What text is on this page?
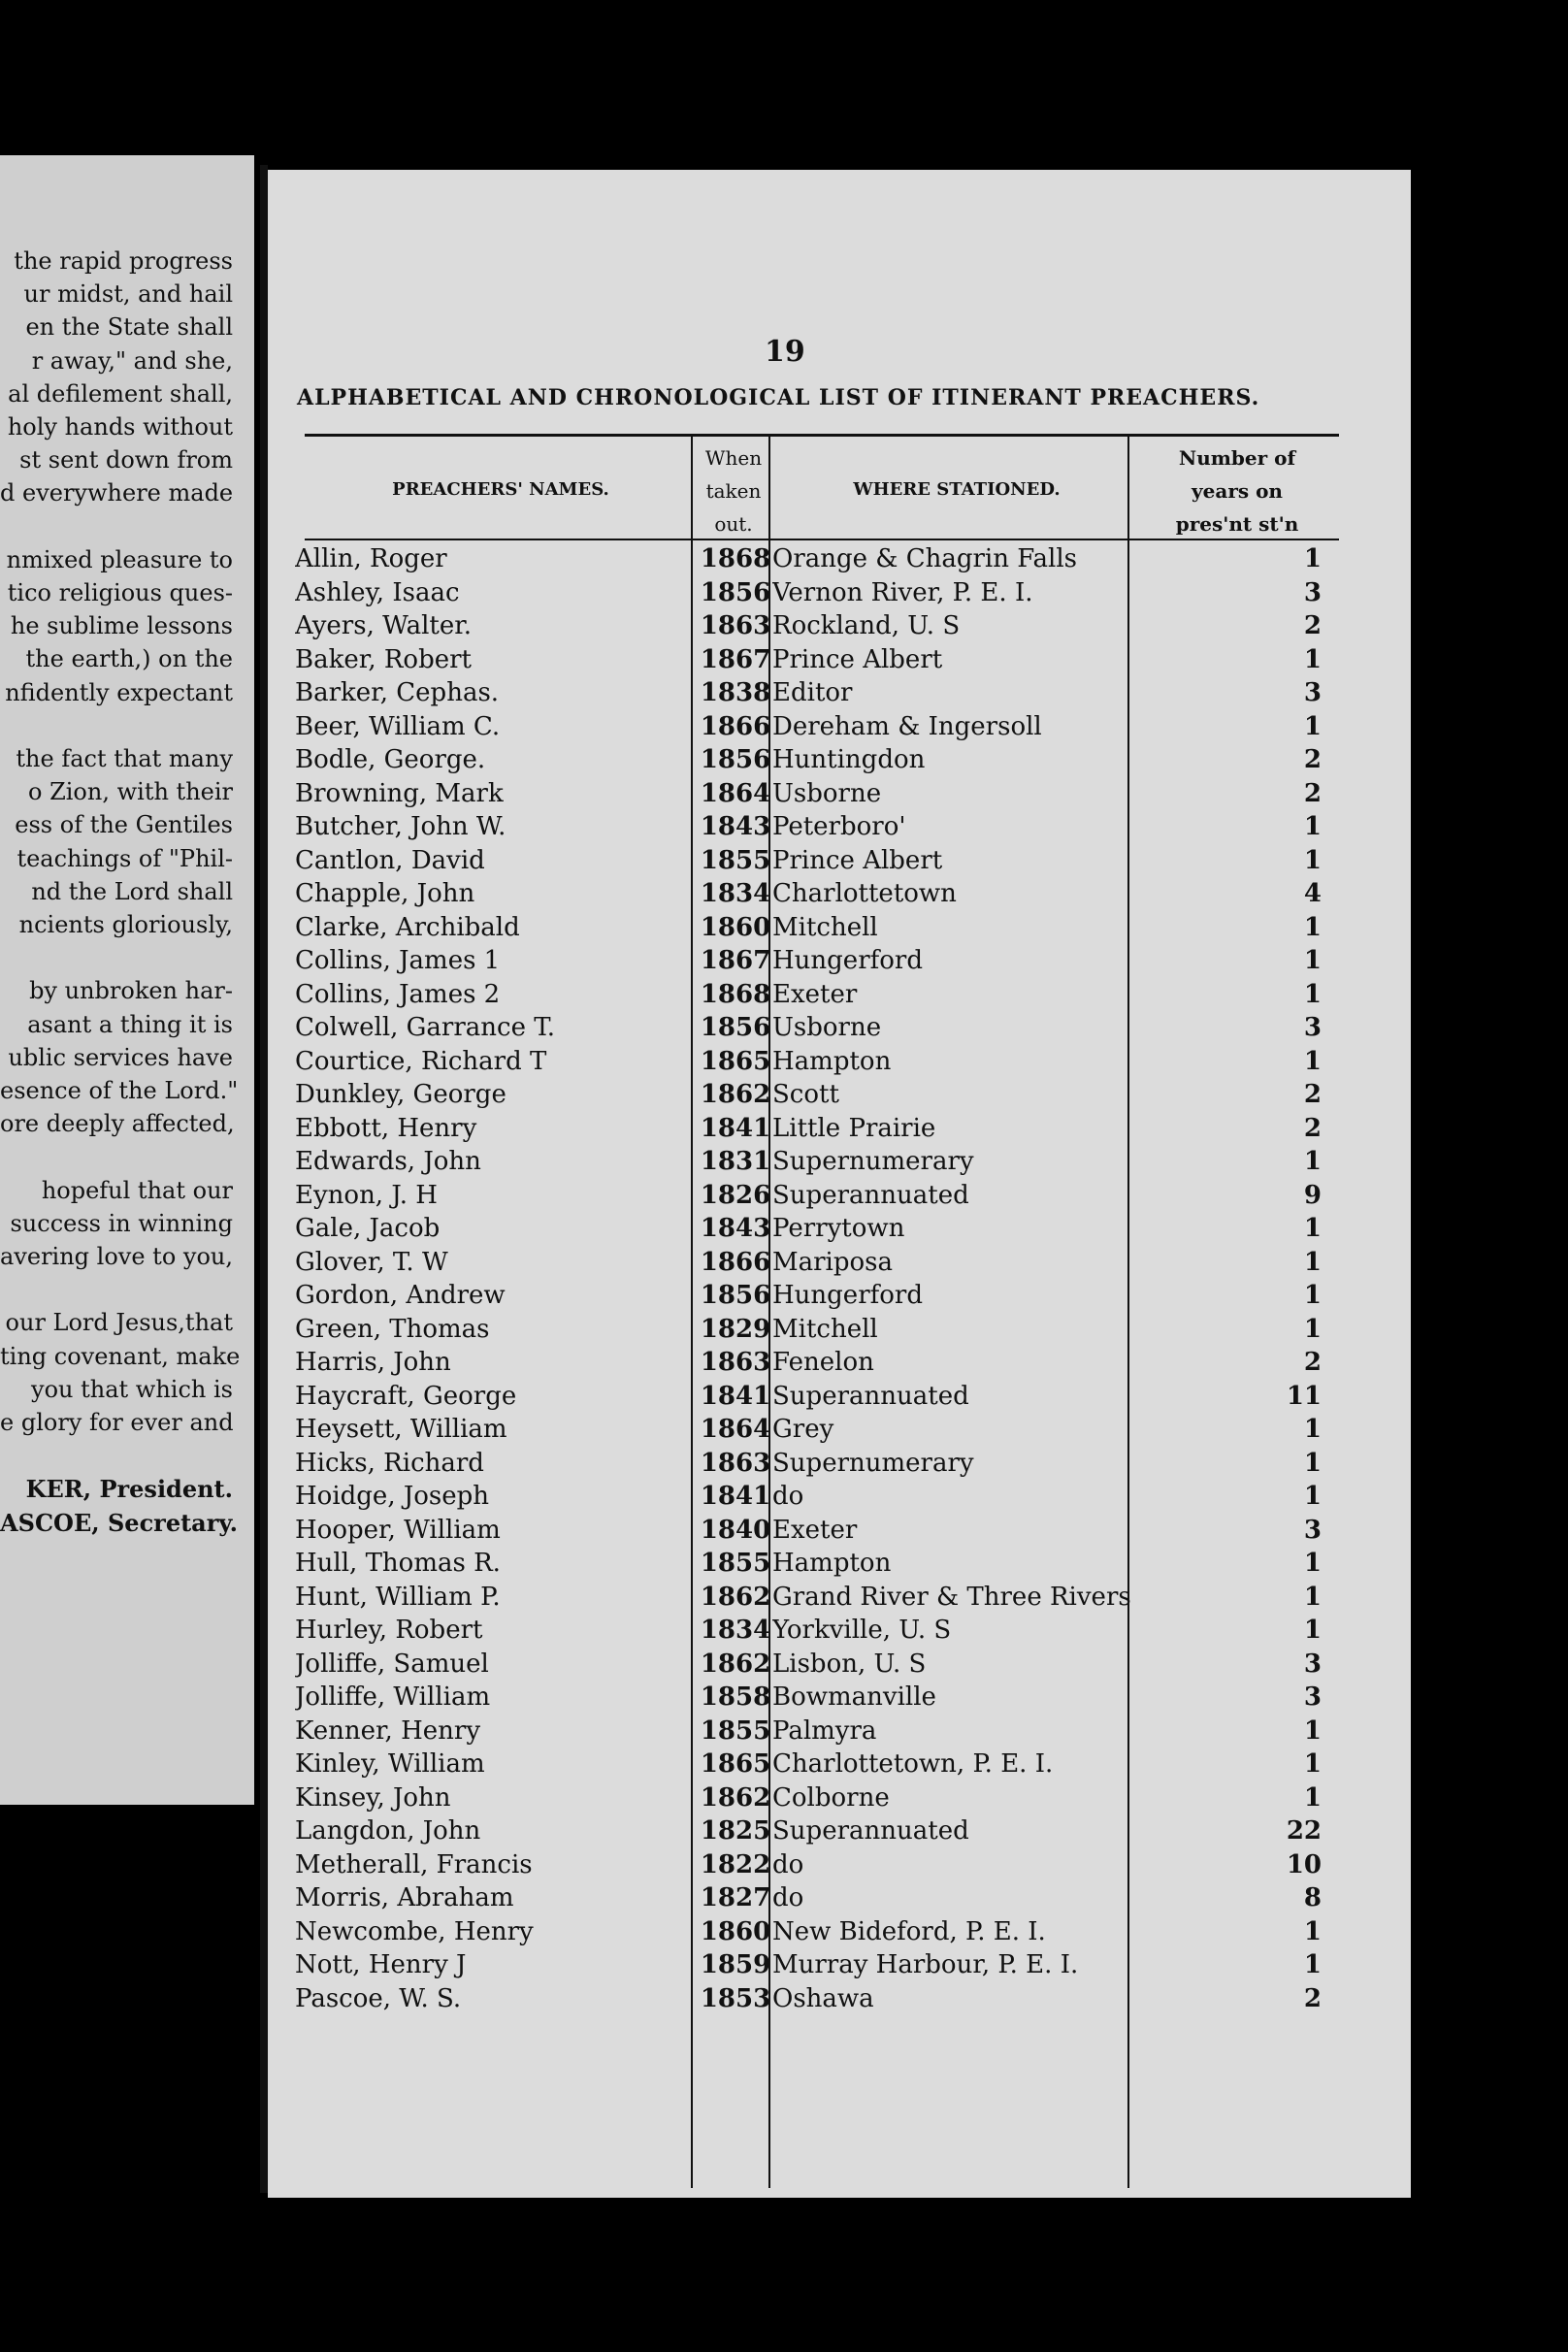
the rapid progress
ur midst, and hail
en the State shall
r away," and she,
al defilement shall,
holy hands without
st sent down from
d everywhere made
nmixed pleasure to
tico religious ques-
he sublime lessons
the earth,) on the
nfidently expectant
the fact that many
o Zion, with their
ess of the Gentiles
teachings of "Phil-
nd the Lord shall
ncients gloriously,
by unbroken har-
asant a thing it is
ublic services have
esence of the Lord."
ore deeply affected,
hopeful that our
success in winning
avering love to you,
our Lord Jesus,that
ting covenant, make
you that which is
e glory for ever and
KER, President.
ASCOE, Secretary.
19
ALPHABETICAL AND CHRONOLOGICAL LIST OF ITINERANT PREACHERS.
PREACHERS' NAMES.
When
taken
out.
WHERE STATIONED.
Number of
years on
pres'nt st'n
Allin, Roger	1868 Orange & Chagrin Falls	1
Ashley, Isaac	1856 Vernon River, P. E. I.	3
Ayers, Walter.	1863 Rockland, U. S	2
Baker, Robert	1867 Prince Albert	1
Barker, Cephas.	1838 Editor	3
Beer, William C.	1866 Dereham & Ingersoll	1
Bodle, George.	1856 Huntingdon	2
Browning, Mark	1864 Usborne	2
Butcher, John W.	1843 Peterboro'	1
Cantlon, David	1855 Prince Albert	1
Chapple, John	1834 Charlottetown	4
Clarke, Archibald	1860 Mitchell	1
Collins, James 1	1867 Hungerford	1
Collins, James 2	1868 Exeter	1
Colwell, Garrance T.	1856 Usborne	3
Courtice, Richard T	1865 Hampton	1
Dunkley, George	1862 Scott	2
Ebbott, Henry	1841 Little Prairie	2
Edwards, John	1831 Supernumerary	1
Eynon, J. H	1826 Superannuated	9
Gale, Jacob	1843 Perrytown	1
Glover, T. W	1866 Mariposa	1
Gordon, Andrew	1856 Hungerford	1
Green, Thomas	1829 Mitchell	1
Harris, John	1863 Fenelon	2
Haycraft, George	1841 Superannuated	11
Heysett, William	1864 Grey	1
Hicks, Richard	1863 Supernumerary	1
Hoidge, Joseph	1841 do	1
Hooper, William	1840 Exeter	3
Hull, Thomas R.	1855 Hampton	1
Hunt, William P.	1862 Grand River & Three Rivers	1
Hurley, Robert	1834 Yorkville, U. S	1
Jolliffe, Samuel	1862 Lisbon, U. S	3
Jolliffe, William	1858 Bowmanville	3
Kenner, Henry	1855 Palmyra	1
Kinley, William	1865 Charlottetown, P. E. I.	1
Kinsey, John	1862 Colborne	1
Langdon, John	1825 Superannuated	22
Metherall, Francis	1822 do	10
Morris, Abraham	1827 do	8
Newcombe, Henry	1860 New Bideford, P. E. I.	1
Nott, Henry J	1859 Murray Harbour, P. E. I.	1
Pascoe, W. S.	1853 Oshawa	2
